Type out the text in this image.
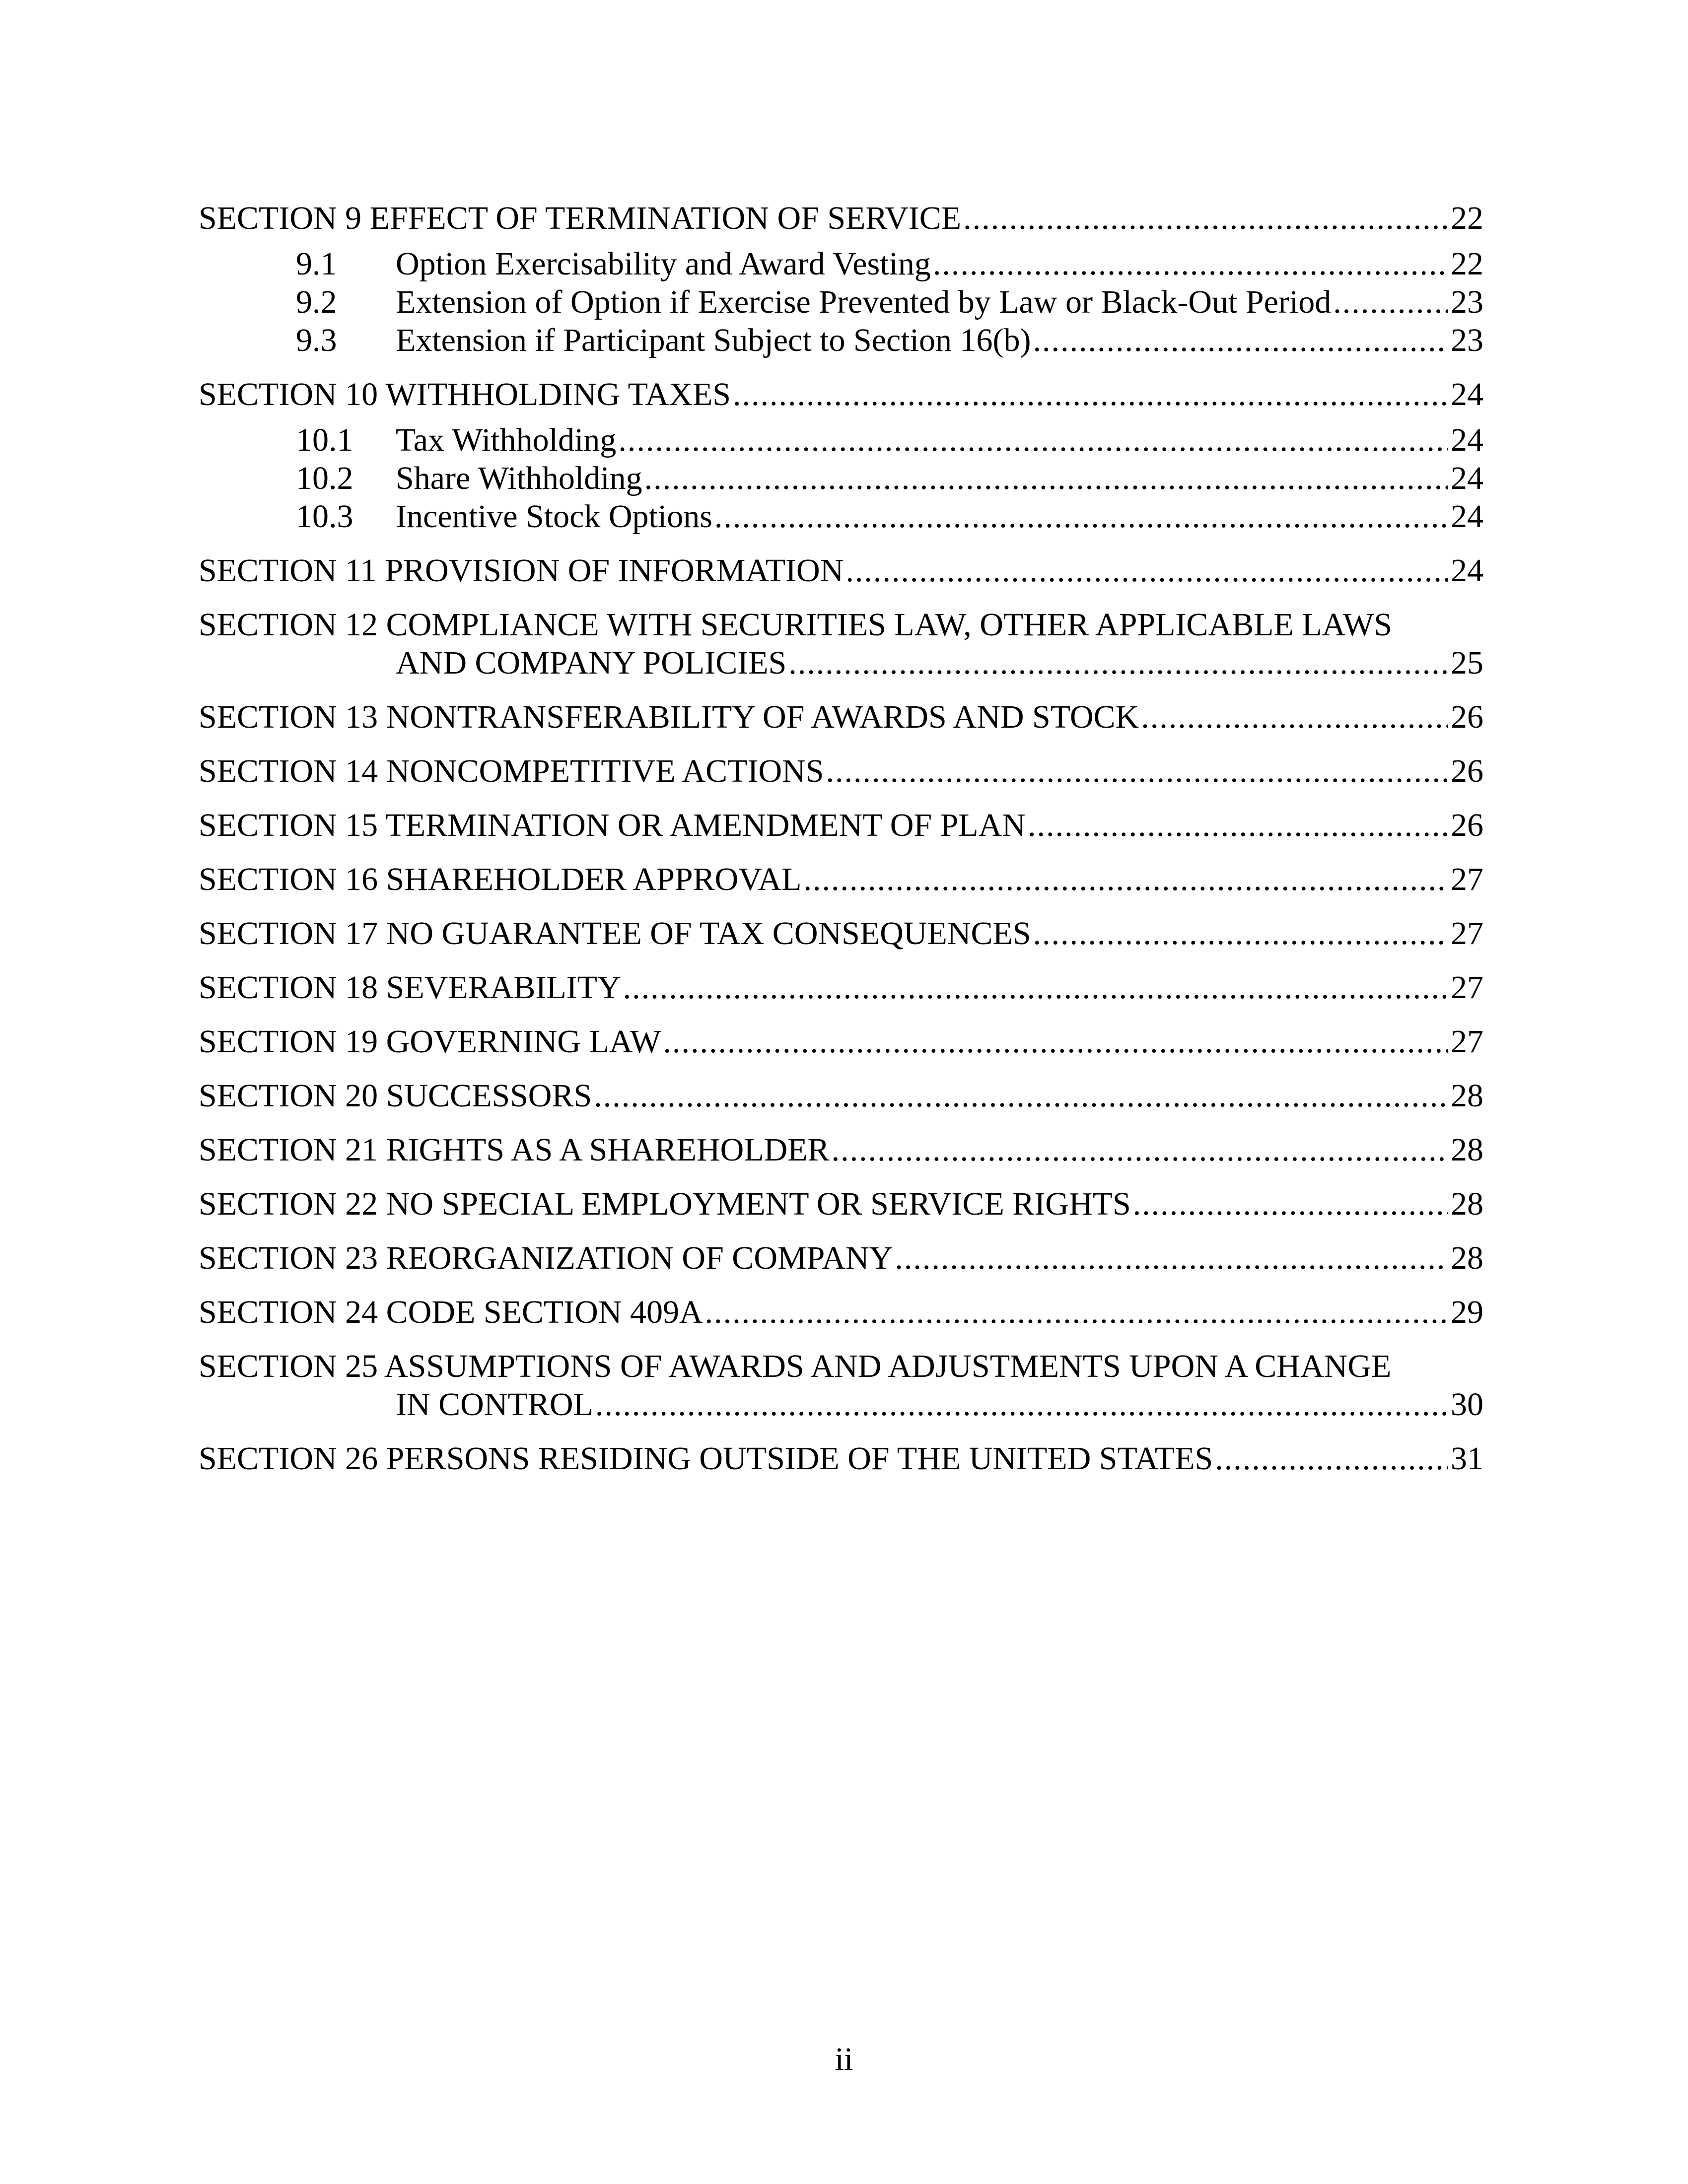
SECTION 9 EFFECT OF TERMINATION OF SERVICE .....	22
9.1	Option Exercisability and Award Vesting .....	22
9.2	Extension of Option if Exercise Prevented by Law or Black-Out Period .....	23
9.3	Extension if Participant Subject to Section 16(b) .....	23
SECTION 10 WITHHOLDING TAXES .....	24
10.1	Tax Withholding .....	24
10.2	Share Withholding .....	24
10.3	Incentive Stock Options .....	24
SECTION 11 PROVISION OF INFORMATION .....	24
SECTION 12 COMPLIANCE WITH SECURITIES LAW, OTHER APPLICABLE LAWS
AND COMPANY POLICIES .....	25
SECTION 13 NONTRANSFERABILITY OF AWARDS AND STOCK .....	26
SECTION 14 NONCOMPETITIVE ACTIONS .....	26
SECTION 15 TERMINATION OR AMENDMENT OF PLAN .....	26
SECTION 16 SHAREHOLDER APPROVAL .....	27
SECTION 17 NO GUARANTEE OF TAX CONSEQUENCES .....	27
SECTION 18 SEVERABILITY .....	27
SECTION 19 GOVERNING LAW .....	27
SECTION 20 SUCCESSORS .....	28
SECTION 21 RIGHTS AS A SHAREHOLDER .....	28
SECTION 22 NO SPECIAL EMPLOYMENT OR SERVICE RIGHTS .....	28
SECTION 23 REORGANIZATION OF COMPANY .....	28
SECTION 24 CODE SECTION 409A .....	29
SECTION 25 ASSUMPTIONS OF AWARDS AND ADJUSTMENTS UPON A CHANGE
IN CONTROL .....	30
SECTION 26 PERSONS RESIDING OUTSIDE OF THE UNITED STATES .....	31
ii
